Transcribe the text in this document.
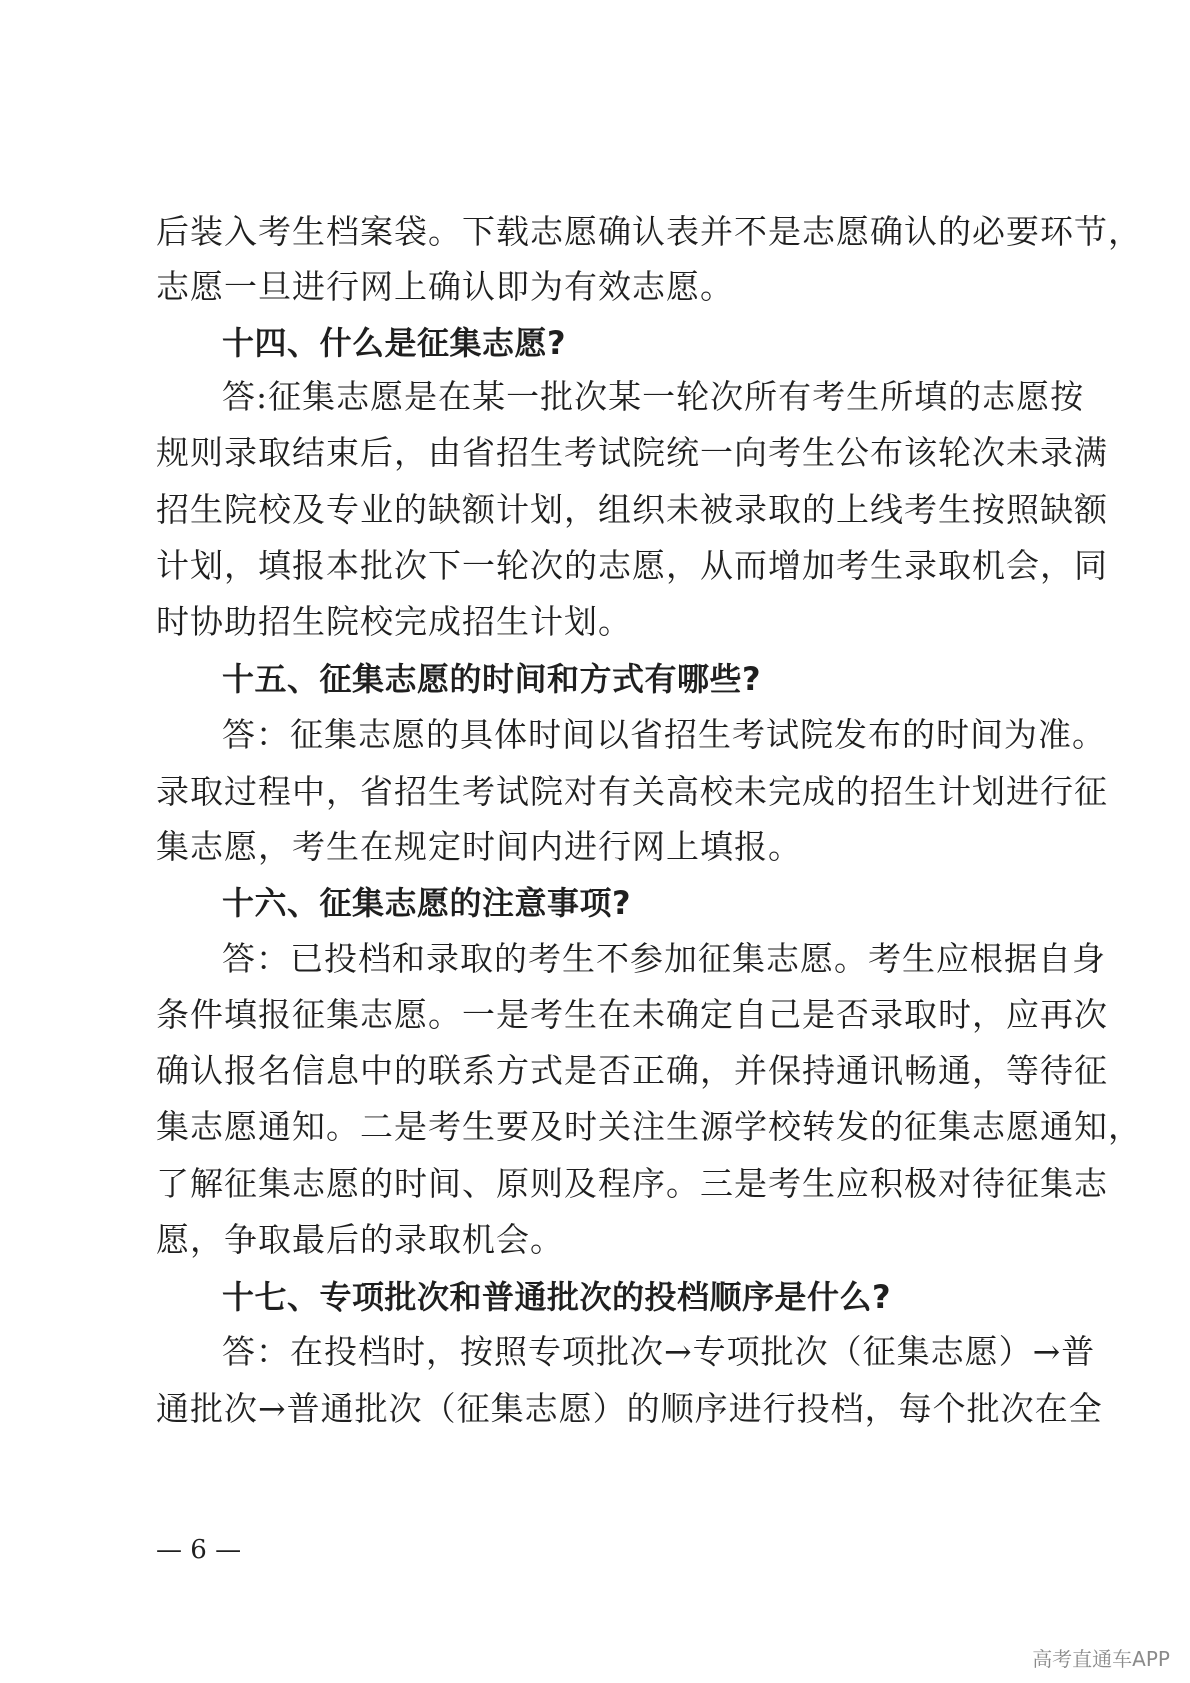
后装入考生档案袋。下载志愿确认表并不是志愿确认的必要环节，
志愿一旦进行网上确认即为有效志愿。
十四、什么是征集志愿?
答:征集志愿是在某一批次某一轮次所有考生所填的志愿按
规则录取结束后，由省招生考试院统一向考生公布该轮次未录满
招生院校及专业的缺额计划，组织未被录取的上线考生按照缺额
计划，填报本批次下一轮次的志愿，从而增加考生录取机会，同
时协助招生院校完成招生计划。
十五、征集志愿的时间和方式有哪些?
答：征集志愿的具体时间以省招生考试院发布的时间为准。
录取过程中，省招生考试院对有关高校未完成的招生计划进行征
集志愿，考生在规定时间内进行网上填报。
十六、征集志愿的注意事项?
答：已投档和录取的考生不参加征集志愿。考生应根据自身
条件填报征集志愿。一是考生在未确定自己是否录取时，应再次
确认报名信息中的联系方式是否正确，并保持通讯畅通，等待征
集志愿通知。二是考生要及时关注生源学校转发的征集志愿通知，
了解征集志愿的时间、原则及程序。三是考生应积极对待征集志
愿，争取最后的录取机会。
十七、专项批次和普通批次的投档顺序是什么?
答：在投档时，按照专项批次→专项批次（征集志愿）→普
通批次→普通批次（征集志愿）的顺序进行投档，每个批次在全
— 6 —
高考直通车APP
